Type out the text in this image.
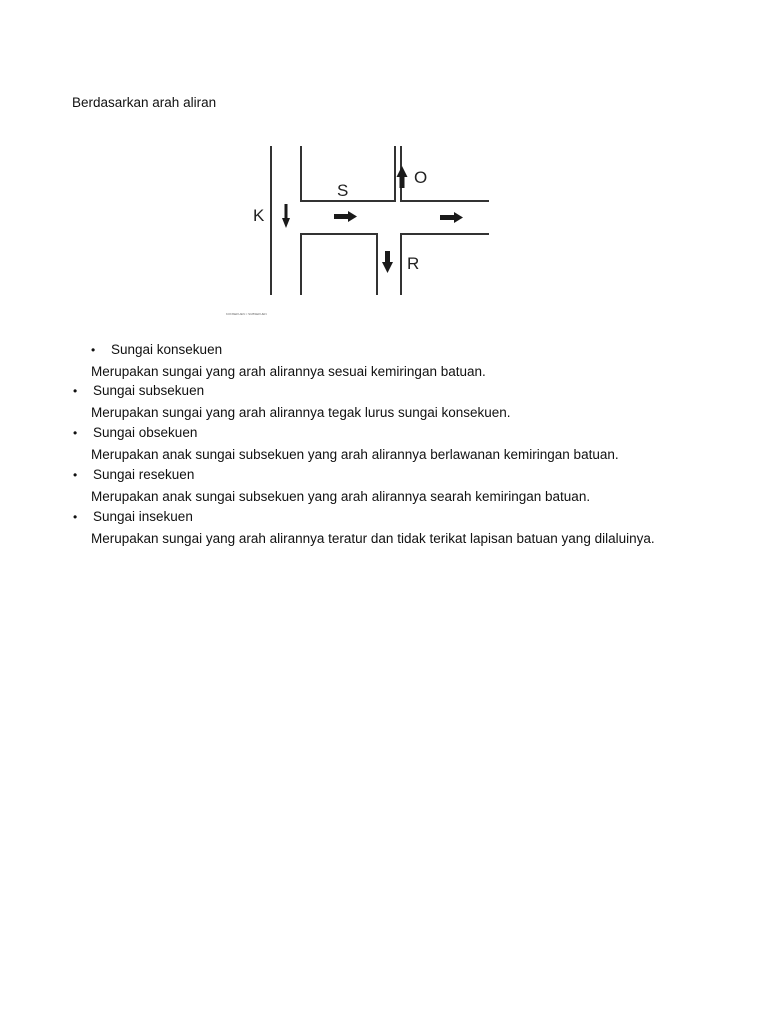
Berdasarkan arah aliran
K
S
O
R
KONSEKUEN ≈ SUBSEKUEN
• Sungai konsekuen
Merupakan sungai yang arah alirannya sesuai kemiringan batuan.
• Sungai subsekuen
Merupakan sungai yang arah alirannya tegak lurus sungai konsekuen.
• Sungai obsekuen
Merupakan anak sungai subsekuen yang arah alirannya berlawanan kemiringan batuan.
• Sungai resekuen
Merupakan anak sungai subsekuen yang arah alirannya searah kemiringan batuan.
• Sungai insekuen
Merupakan sungai yang arah alirannya teratur dan tidak terikat lapisan batuan yang dilaluinya.
